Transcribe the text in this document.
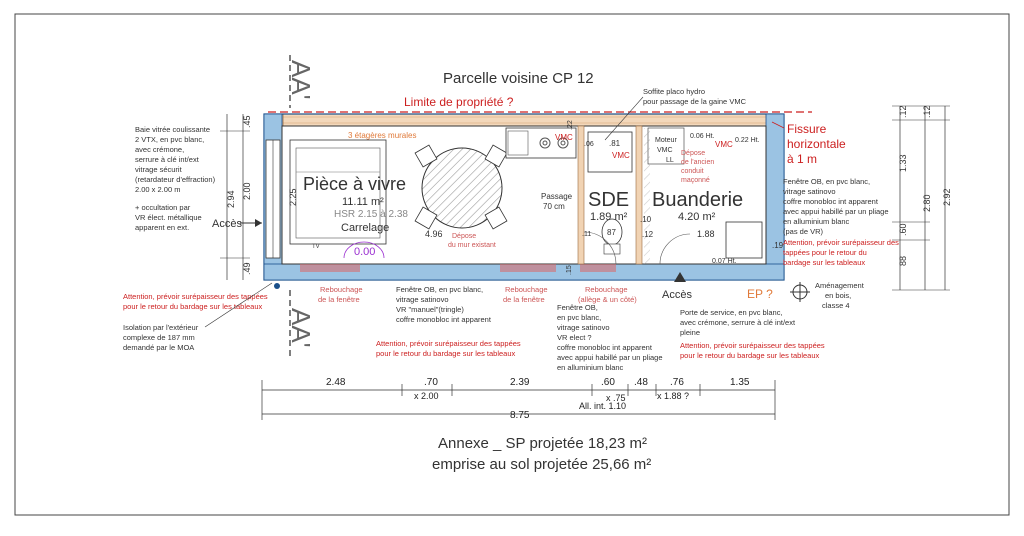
AA'
AA'
Parcelle voisine CP 12
Limite de propriété ?
TV
3 étagères murales
Accès
Accès
Pièce à vivre
11.11 m²
HSR 2.15 à 2.38
Carrelage
0.00
4.96 Dépose
du mur existant
Passage
70 cm SDE
1.89 m²
.81
87
Buanderie
4.20 m²
1.88
0.07 Ht.
0.06 Ht.
0.22 Ht.
Moteur
VMC
LL
Dépose
de l'ancien
conduit
maçonné
VMC
VMC
VMC
.06
.10
.12
.15
.19
.11
.22
Soffite placo hydro
pour passage de la gaine VMC
Fissure
horizontale
à 1 m
Baie vitrée coulissante
2 VTX, en pvc blanc,
avec crémone,
serrure à clé int/ext
vitrage sécurit
(retardateur d'effraction)
2.00 x 2.00 m
+ occultation par
VR élect. métallique
apparent en ext.
.45
2.94 2.00
.49
2.25
Fenêtre OB, en pvc blanc,
vitrage satinovo
coffre monobloc int apparent
avec appui habillé par un pliage
en alluminium blanc
(pas de VR)
Attention, prévoir surépaisseur des
tappées pour le retour du
bardage sur les tableaux
Aménagement
en bois,
classe 4
.12 .12
1.33
.60
2.80 2.92
88
Attention, prévoir surépaisseur des tappées
pour le retour du bardage sur les tableaux
Isolation par l'extérieur
complexe de 187 mm
demandé par le MOA
Rebouchage
de la fenêtre
Rebouchage
de la fenêtre
Rebouchage
(allège & un côté)
Fenêtre OB, en pvc blanc,
vitrage satinovo
VR "manuel"(tringle)
coffre monobloc int apparent
Attention, prévoir surépaisseur des tappées
pour le retour du bardage sur les tableaux
Fenêtre OB,
en pvc blanc,
vitrage satinovo
VR elect ?
coffre monobloc int apparent
avec appui habillé par un pliage
en alluminium blanc
EP ?
Porte de service, en pvc blanc,
avec crémone, serrure à clé int/ext
pleine
Attention, prévoir surépaisseur des tappées
pour le retour du bardage sur les tableaux
2.48	.70	2.39	.60 .48 .76	1.35
x 2.00	x .75	x 1.88 ?
All. int. 1.10
8.75
Annexe _ SP projetée 18,23 m²
emprise au sol projetée 25,66 m²
